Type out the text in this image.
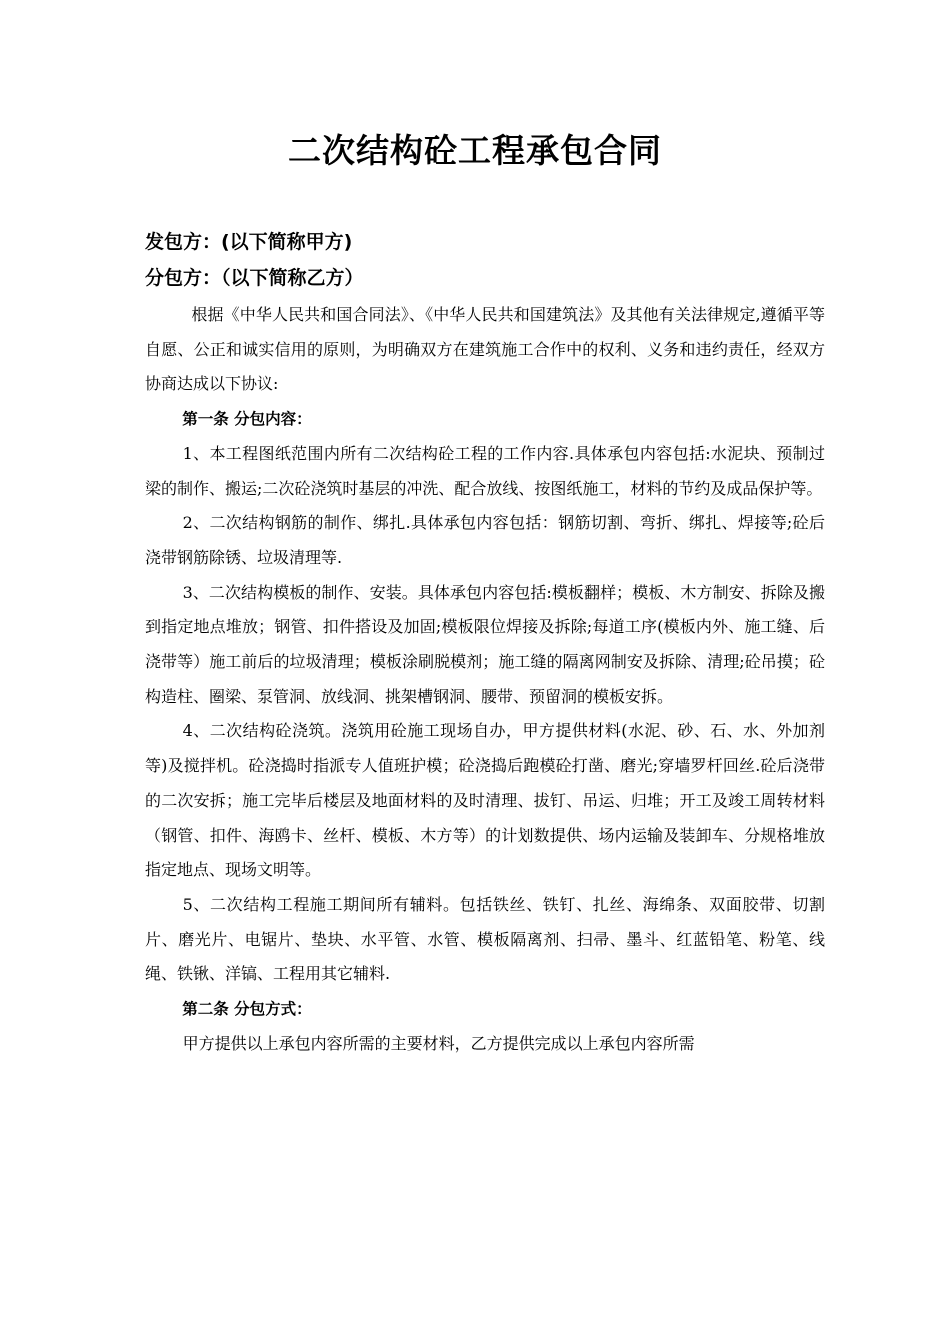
二次结构砼工程承包合同
发包方：(以下简称甲方)
分包方：（以下简称乙方）

根据《中华人民共和国合同法》、《中华人民共和国建筑法》及其他有关法律规定,遵循平等自愿、公正和诚实信用的原则，为明确双方在建筑施工合作中的权利、义务和违约责任，经双方协商达成以下协议:

第一条 分包内容：

1、本工程图纸范围内所有二次结构砼工程的工作内容.具体承包内容包括:水泥块、预制过梁的制作、搬运;二次砼浇筑时基层的冲洗、配合放线、按图纸施工，材料的节约及成品保护等。

2、二次结构钢筋的制作、绑扎.具体承包内容包括：钢筋切割、弯折、绑扎、焊接等;砼后浇带钢筋除锈、垃圾清理等.

3、二次结构模板的制作、安装。具体承包内容包括:模板翻样；模板、木方制安、拆除及搬到指定地点堆放；钢管、扣件搭设及加固;模板限位焊接及拆除;每道工序(模板内外、施工缝、后浇带等）施工前后的垃圾清理；模板涂刷脱模剂；施工缝的隔离网制安及拆除、清理;砼吊摸；砼构造柱、圈梁、泵管洞、放线洞、挑架槽钢洞、腰带、预留洞的模板安拆。

4、二次结构砼浇筑。浇筑用砼施工现场自办，甲方提供材料(水泥、砂、石、水、外加剂等)及搅拌机。砼浇捣时指派专人值班护模；砼浇捣后跑模砼打凿、磨光;穿墙罗杆回丝.砼后浇带的二次安拆；施工完毕后楼层及地面材料的及时清理、拔钉、吊运、归堆；开工及竣工周转材料（钢管、扣件、海鸥卡、丝杆、模板、木方等）的计划数提供、场内运输及装卸车、分规格堆放指定地点、现场文明等。

5、二次结构工程施工期间所有辅料。包括铁丝、铁钉、扎丝、海绵条、双面胶带、切割片、磨光片、电锯片、垫块、水平管、水管、模板隔离剂、扫帚、墨斗、红蓝铅笔、粉笔、线绳、铁锹、洋镐、工程用其它辅料.

第二条 分包方式：

甲方提供以上承包内容所需的主要材料，乙方提供完成以上承包内容所需
